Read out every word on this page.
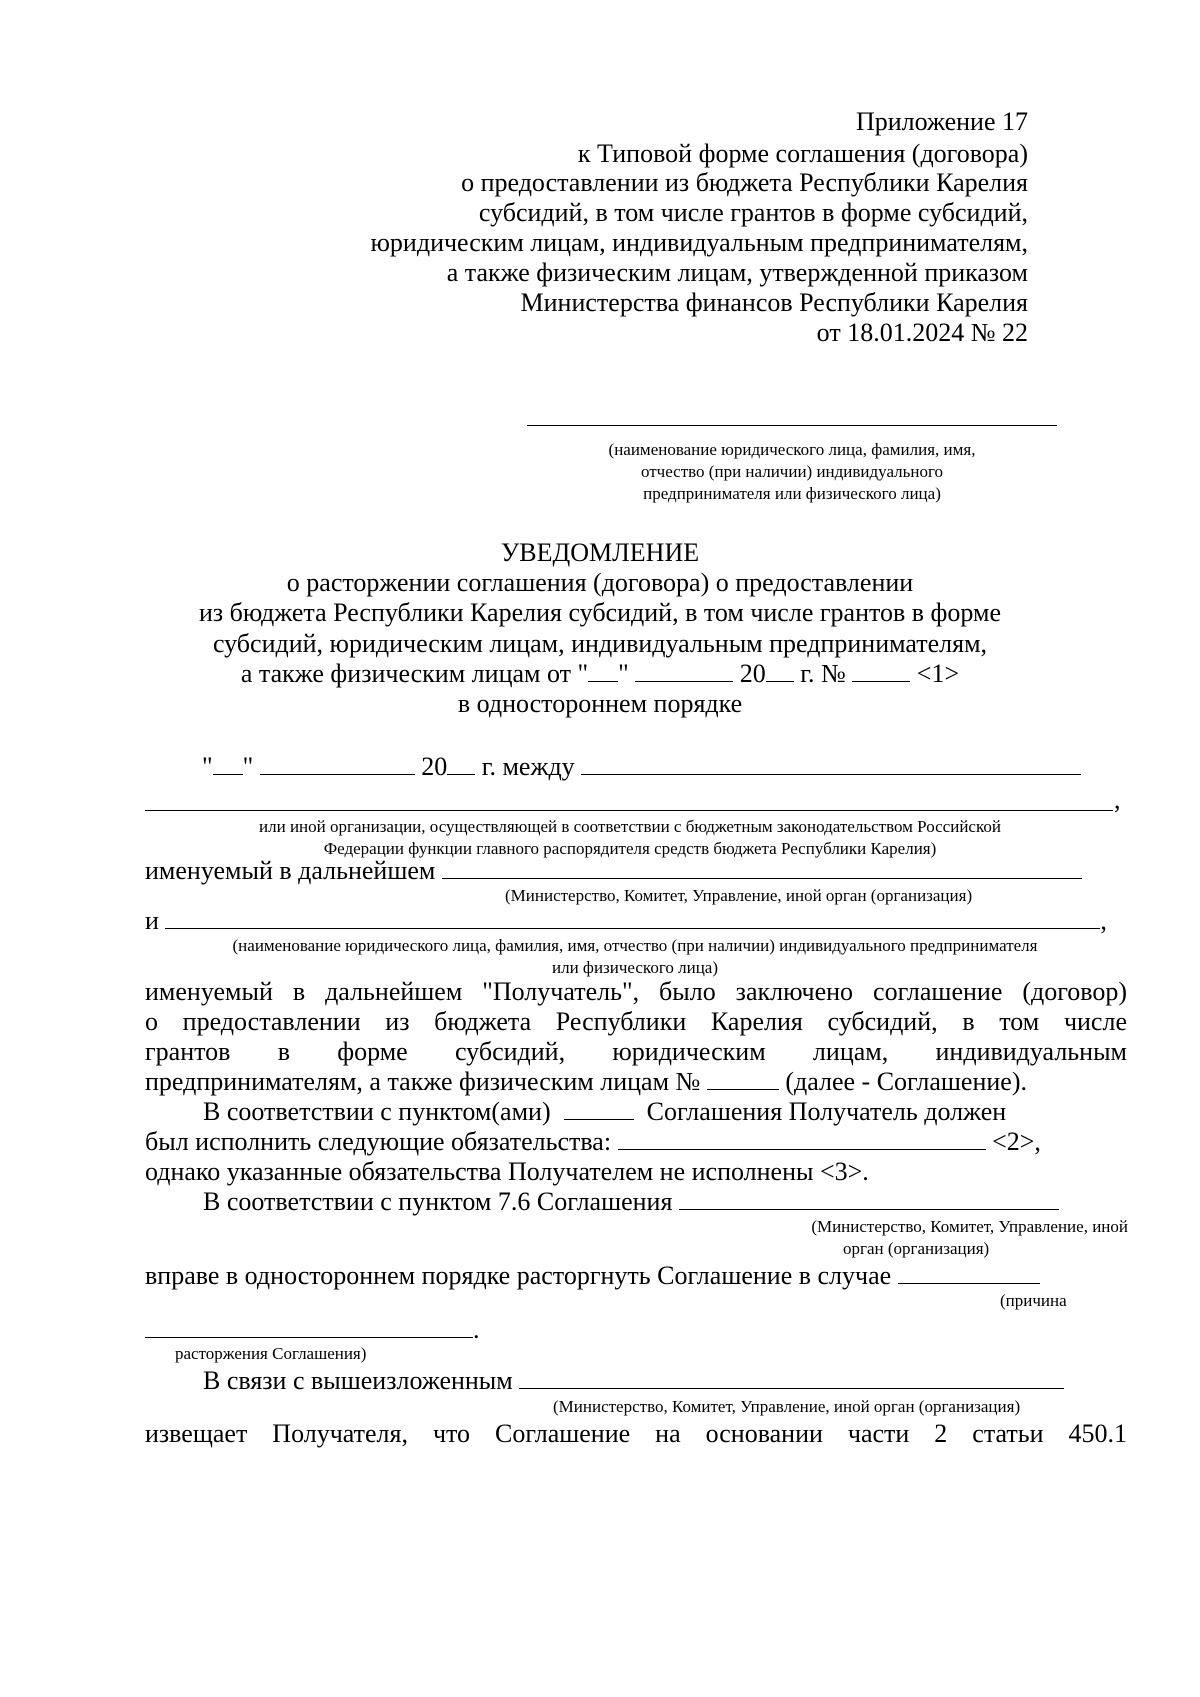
Приложение 17
к Типовой форме соглашения (договора)
о предоставлении из бюджета Республики Карелия
субсидий, в том числе грантов в форме субсидий,
юридическим лицам, индивидуальным предпринимателям,
а также физическим лицам, утвержденной приказом
Министерства финансов Республики Карелия
от 18.01.2024 № 22
(наименование юридического лица, фамилия, имя,
отчество (при наличии) индивидуального
предпринимателя или физического лица)
УВЕДОМЛЕНИЕ
о расторжении соглашения (договора) о предоставлении
из бюджета Республики Карелия субсидий, в том числе грантов в форме
субсидий, юридическим лицам, индивидуальным предпринимателям,
а также физическим лицам от " "	20 г. №	<1>
в одностороннем порядке
" "	20 г. между
,
или иной организации, осуществляющей в соответствии с бюджетным законодательством Российской
Федерации функции главного распорядителя средств бюджета Республики Карелия)
именуемый в дальнейшем
(Министерство, Комитет, Управление, иной орган (организация)
и	,
(наименование юридического лица, фамилия, имя, отчество (при наличии) индивидуального предпринимателя
или физического лица)
именуемый в дальнейшем "Получатель", было заключено соглашение (договор)
о предоставлении из бюджета Республики Карелия субсидий, в том числе
грантов в форме субсидий, юридическим лицам, индивидуальным
предпринимателям, а также физическим лицам №	(далее - Соглашение).
В соответствии с пунктом(ами)	Соглашения Получатель должен
был исполнить следующие обязательства:	<2>,
однако указанные обязательства Получателем не исполнены <3>.
В соответствии с пунктом 7.6 Соглашения
(Министерство, Комитет, Управление, иной
орган (организация)
вправе в одностороннем порядке расторгнуть Соглашение в случае
(причина
.
расторжения Соглашения)
В связи с вышеизложенным
(Министерство, Комитет, Управление, иной орган (организация)
извещает Получателя, что Соглашение на основании части 2 статьи 450.1
